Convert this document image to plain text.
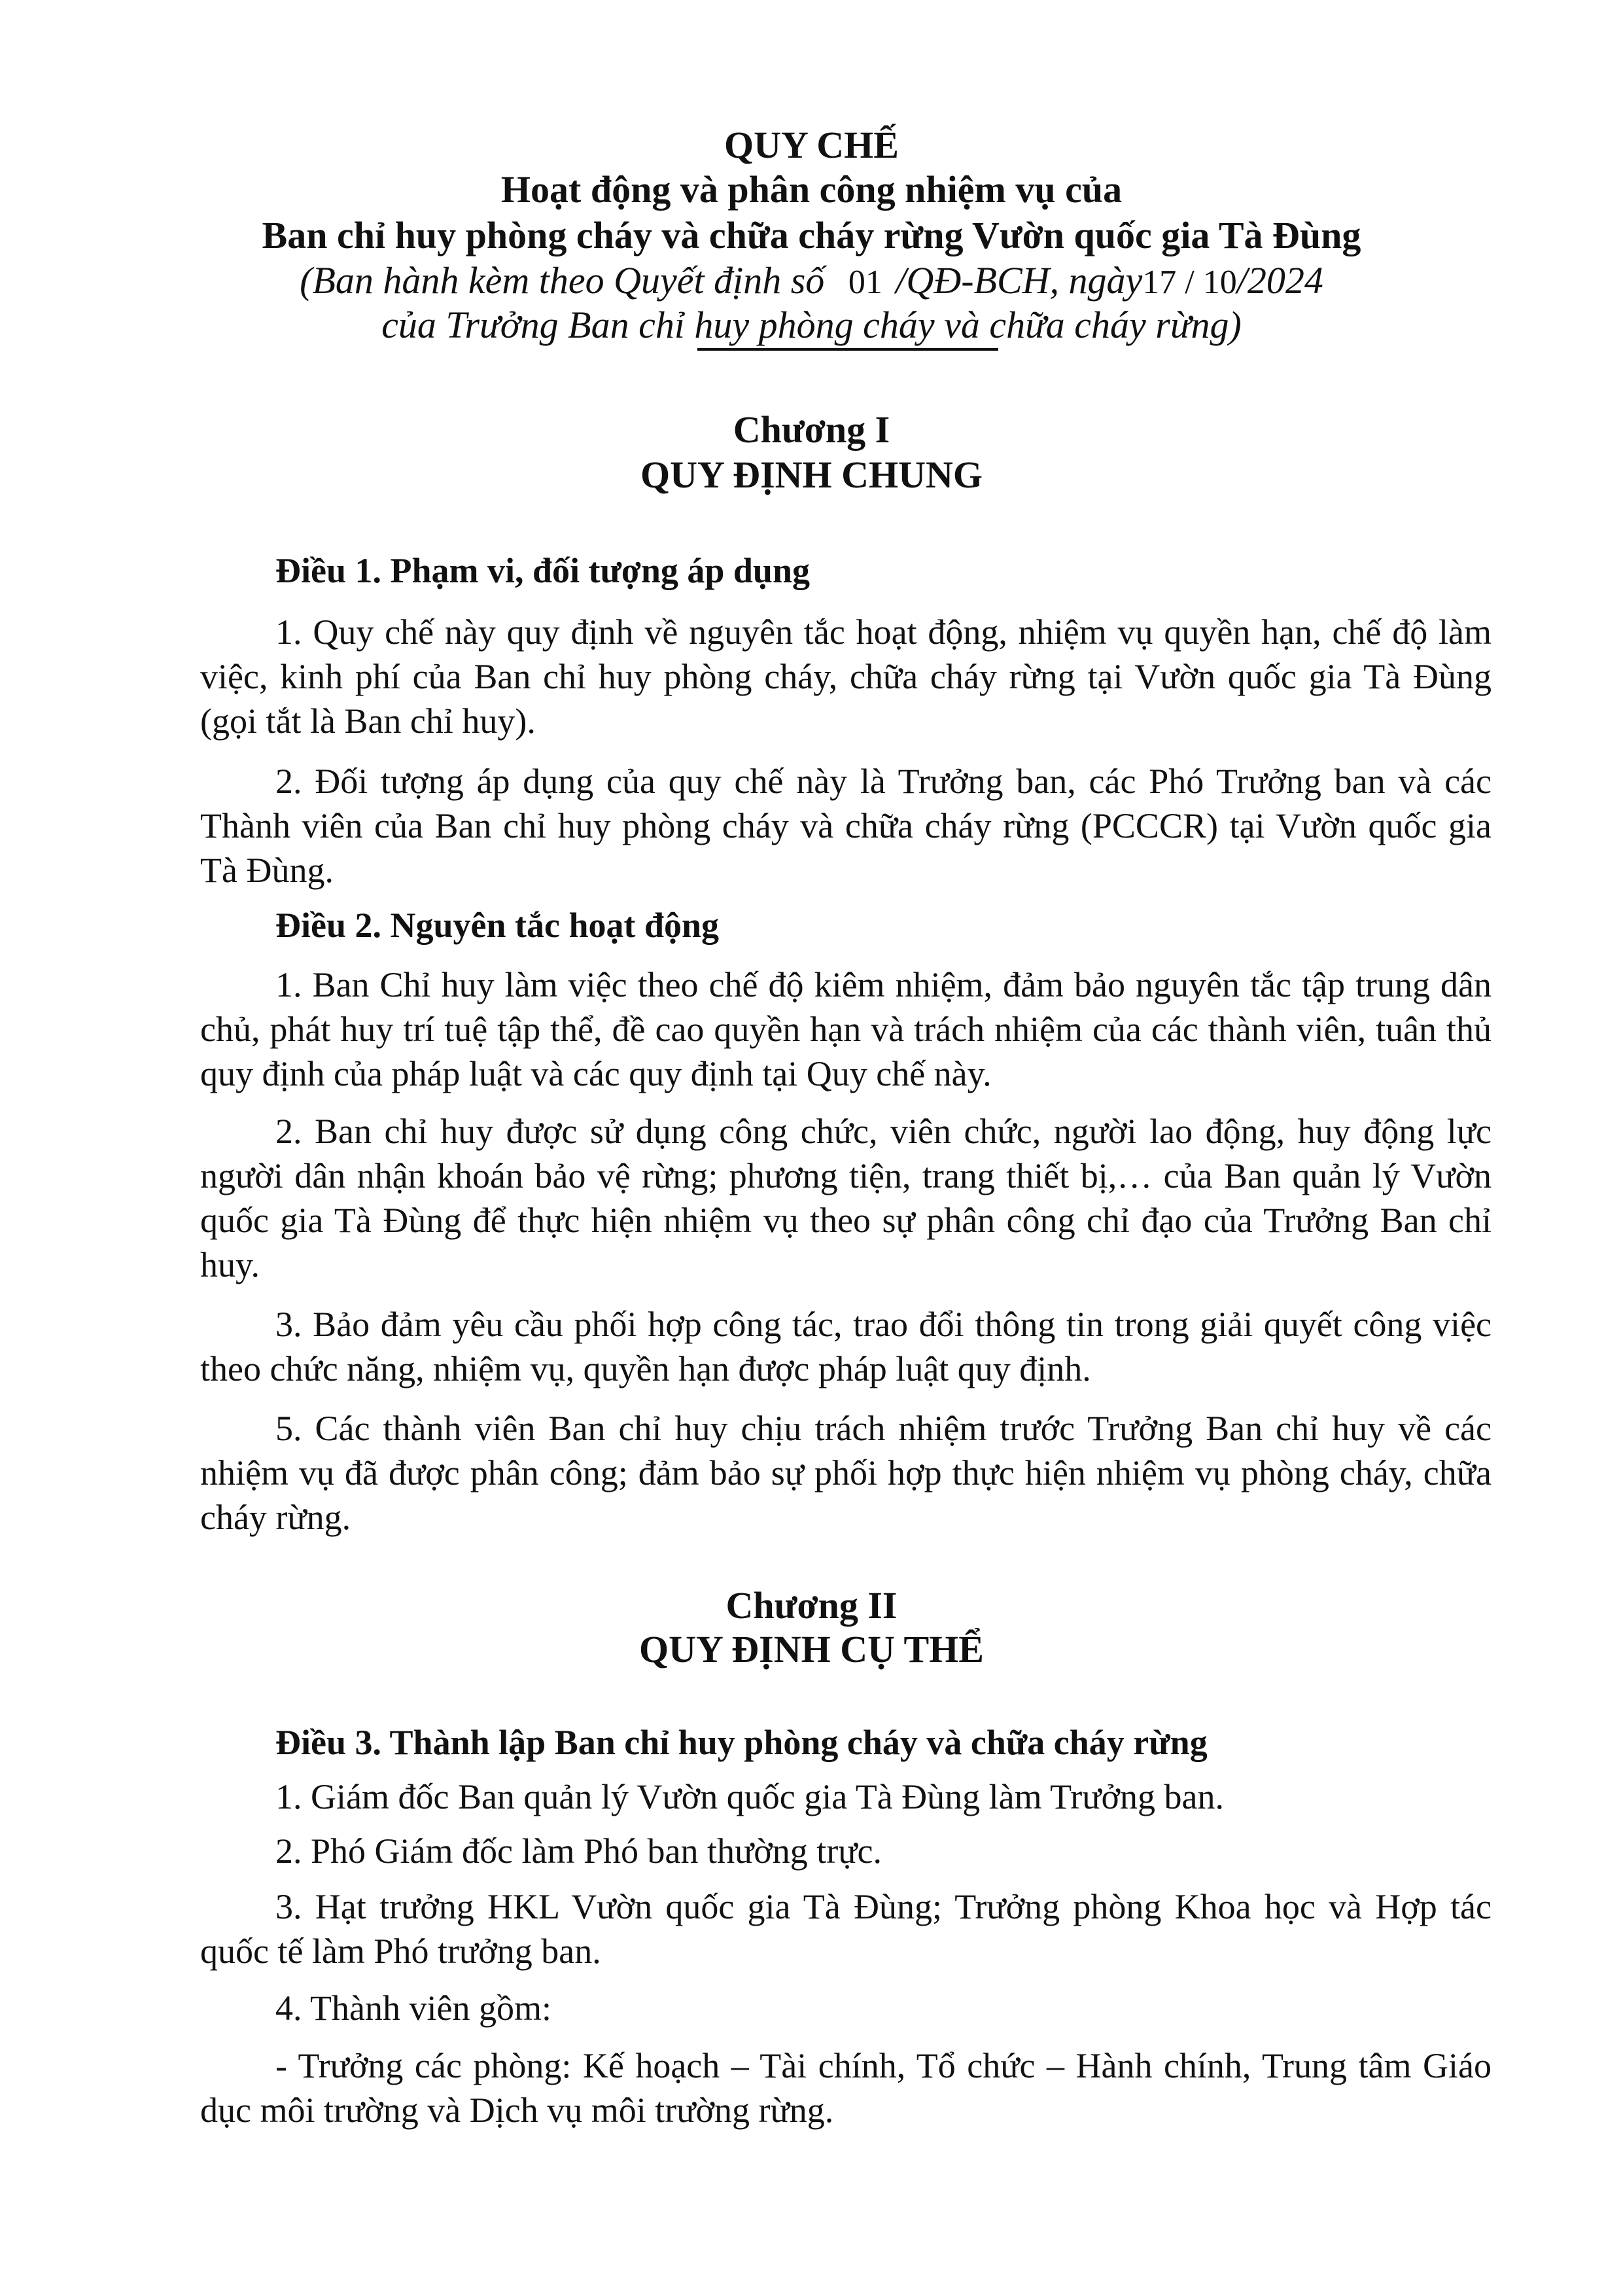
QUY CHẾ
Hoạt động và phân công nhiệm vụ của
Ban chỉ huy phòng cháy và chữa cháy rừng Vườn quốc gia Tà Đùng
(Ban hành kèm theo Quyết định số 01 /QĐ-BCH, ngày17 / 10/2024
của Trưởng Ban chỉ huy phòng cháy và chữa cháy rừng)
Chương I
QUY ĐỊNH CHUNG
Điều 1. Phạm vi, đối tượng áp dụng

1. Quy chế này quy định về nguyên tắc hoạt động, nhiệm vụ quyền hạn, chế độ làm việc, kinh phí của Ban chỉ huy phòng cháy, chữa cháy rừng tại Vườn quốc gia Tà Đùng (gọi tắt là Ban chỉ huy).

2. Đối tượng áp dụng của quy chế này là Trưởng ban, các Phó Trưởng ban và các Thành viên của Ban chỉ huy phòng cháy và chữa cháy rừng (PCCCR) tại Vườn quốc gia Tà Đùng.

Điều 2. Nguyên tắc hoạt động

1. Ban Chỉ huy làm việc theo chế độ kiêm nhiệm, đảm bảo nguyên tắc tập trung dân chủ, phát huy trí tuệ tập thể, đề cao quyền hạn và trách nhiệm của các thành viên, tuân thủ quy định của pháp luật và các quy định tại Quy chế này.

2. Ban chỉ huy được sử dụng công chức, viên chức, người lao động, huy động lực người dân nhận khoán bảo vệ rừng; phương tiện, trang thiết bị,… của Ban quản lý Vườn quốc gia Tà Đùng để thực hiện nhiệm vụ theo sự phân công chỉ đạo của Trưởng Ban chỉ huy.

3. Bảo đảm yêu cầu phối hợp công tác, trao đổi thông tin trong giải quyết công việc theo chức năng, nhiệm vụ, quyền hạn được pháp luật quy định.

5. Các thành viên Ban chỉ huy chịu trách nhiệm trước Trưởng Ban chỉ huy về các nhiệm vụ đã được phân công; đảm bảo sự phối hợp thực hiện nhiệm vụ phòng cháy, chữa cháy rừng.

Chương II
QUY ĐỊNH CỤ THỂ
Điều 3. Thành lập Ban chỉ huy phòng cháy và chữa cháy rừng
1. Giám đốc Ban quản lý Vườn quốc gia Tà Đùng làm Trưởng ban.
2. Phó Giám đốc làm Phó ban thường trực.

3. Hạt trưởng HKL Vườn quốc gia Tà Đùng; Trưởng phòng Khoa học và Hợp tác quốc tế làm Phó trưởng ban.

4. Thành viên gồm:

- Trưởng các phòng: Kế hoạch – Tài chính, Tổ chức – Hành chính, Trung tâm Giáo dục môi trường và Dịch vụ môi trường rừng.
